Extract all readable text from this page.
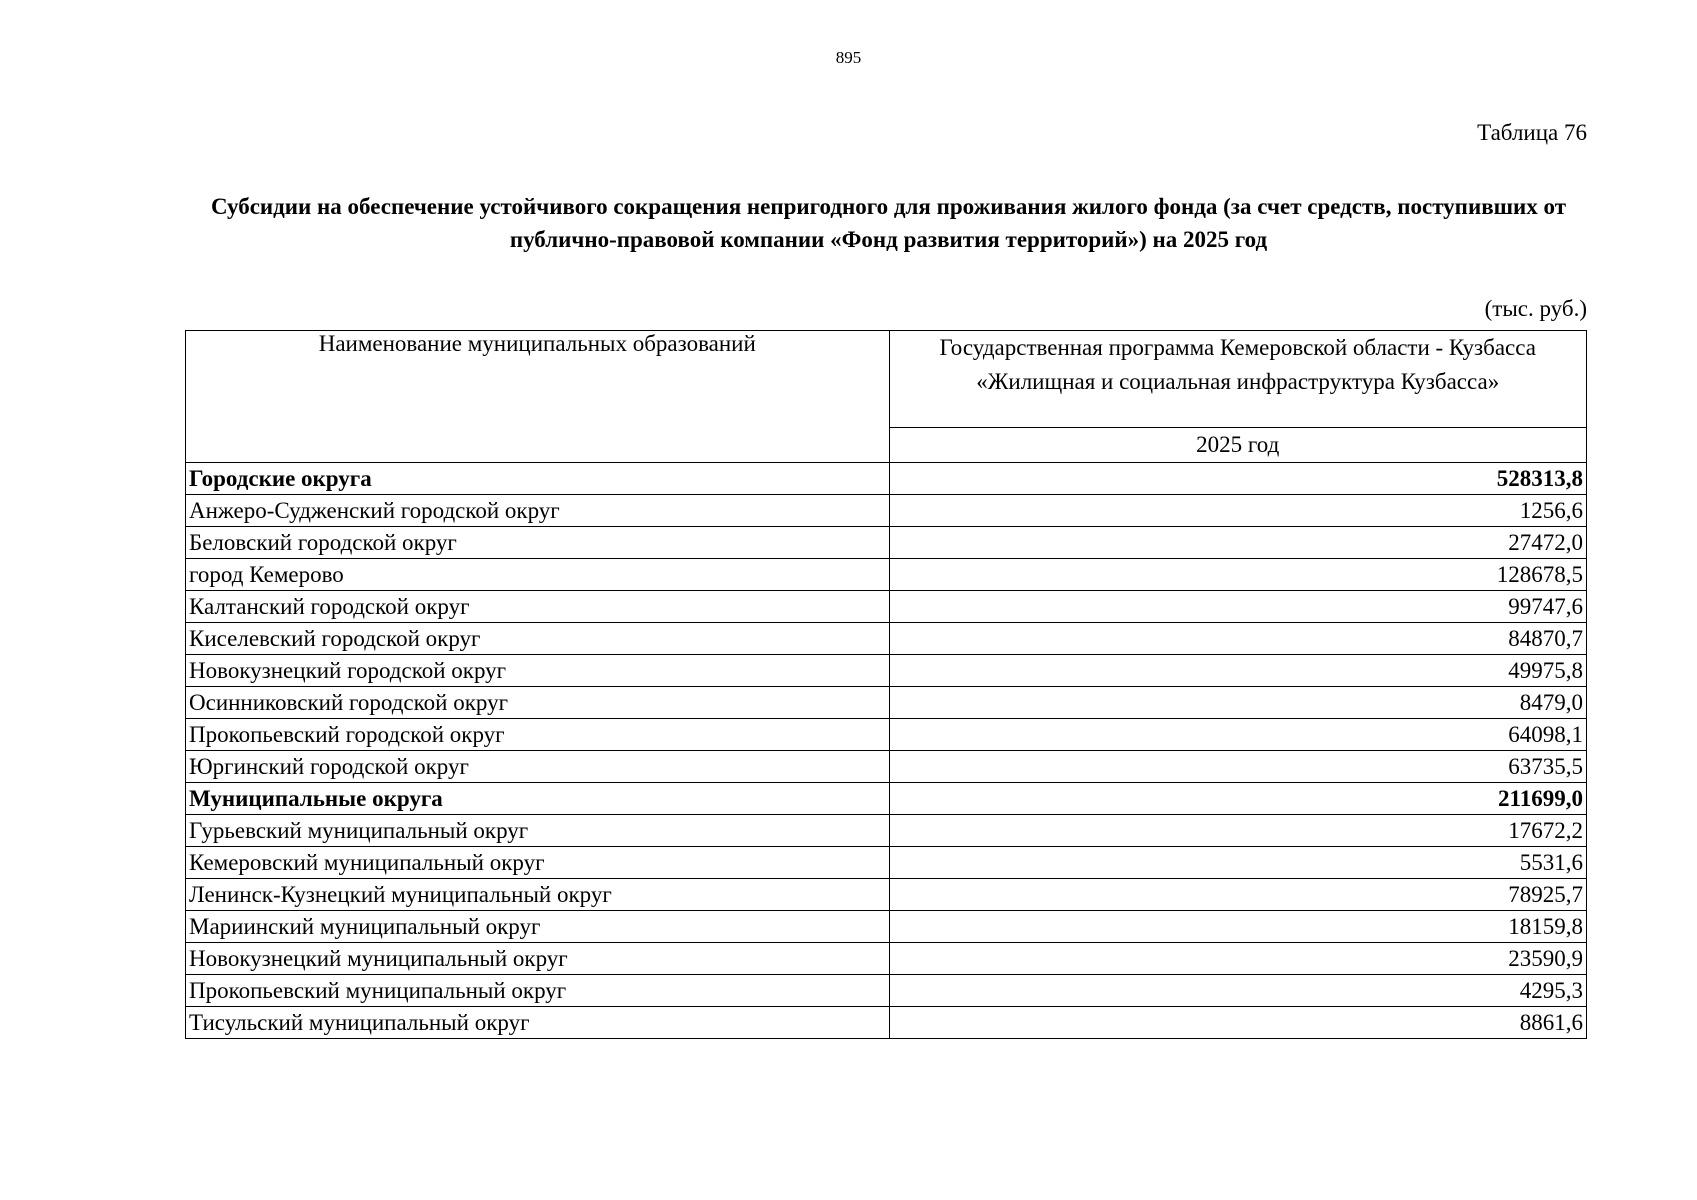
895
Таблица 76
Субсидии на обеспечение устойчивого сокращения непригодного для проживания жилого фонда (за счет средств, поступивших от публично-правовой компании «Фонд развития территорий») на 2025 год
(тыс. руб.)
Наименование муниципальных образований	Государственная программа Кемеровской области - Кузбасса
«Жилищная и социальная инфраструктура Кузбасса»
	2025 год
Городские округа	528313,8
Анжеро-Судженский городской округ	1256,6
Беловский городской округ	27472,0
город Кемерово	128678,5
Калтанский городской округ	99747,6
Киселевский городской округ	84870,7
Новокузнецкий городской округ	49975,8
Осинниковский городской округ	8479,0
Прокопьевский городской округ	64098,1
Юргинский городской округ	63735,5
Муниципальные округа	211699,0
Гурьевский муниципальный округ	17672,2
Кемеровский муниципальный округ	5531,6
Ленинск-Кузнецкий муниципальный округ	78925,7
Мариинский муниципальный округ	18159,8
Новокузнецкий муниципальный округ	23590,9
Прокопьевский муниципальный округ	4295,3
Тисульский муниципальный округ	8861,6
